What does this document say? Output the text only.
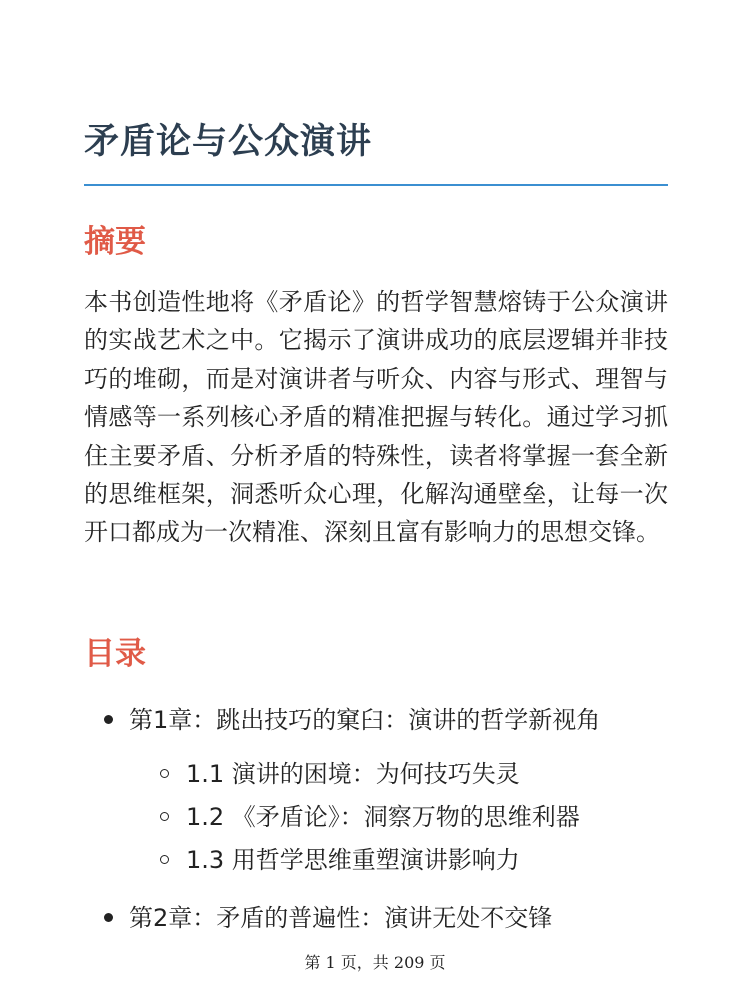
矛盾论与公众演讲
摘要

本书创造性地将《矛盾论》的哲学智慧熔铸于公众演讲的实战艺术之中。它揭示了演讲成功的底层逻辑并非技巧的堆砌，而是对演讲者与听众、内容与形式、理智与情感等一系列核心矛盾的精准把握与转化。通过学习抓住主要矛盾、分析矛盾的特殊性，读者将掌握一套全新的思维框架，洞悉听众心理，化解沟通壁垒，让每一次开口都成为一次精准、深刻且富有影响力的思想交锋。

目录
第1章：跳出技巧的窠臼：演讲的哲学新视角
1.1 演讲的困境：为何技巧失灵
1.2 《矛盾论》：洞察万物的思维利器
1.3 用哲学思维重塑演讲影响力
第2章：矛盾的普遍性：演讲无处不交锋
第 1 页，共 209 页
